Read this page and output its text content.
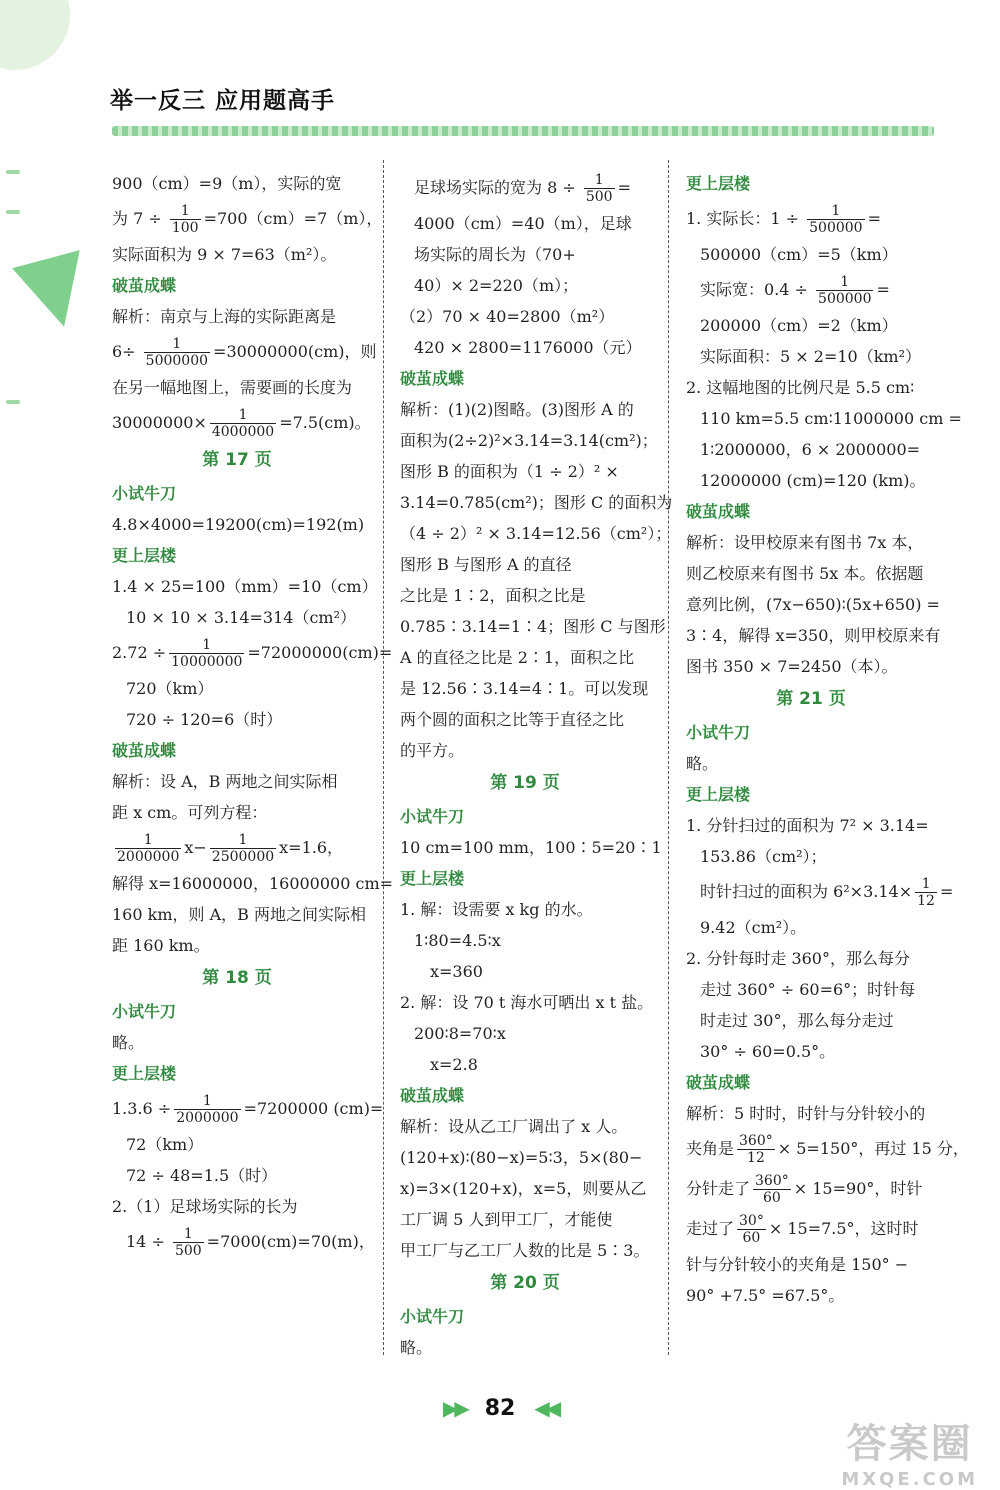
举一反三 应用题高手
900（cm）=9（m），实际的宽
为 $7 \div \frac{1}{100} =700(cm)=7(m)$，
实际面积为 9 × 7=63（m²）。
破茧成蝶
解析：南京与上海的实际距离是
$6\div \frac{1}{5000000} =30000000(cm)$，则
在另一幅地图上，需要画的长度为
$30000000\times \frac{1}{4000000} =7.5(cm)$。
第 17 页
小试牛刀
4.8×4000=19200(cm)=192(m)
更上层楼
1.4 × 25=100（mm）=10（cm）
10 × 10 × 3.14=314（cm²）
$2.72 \div \frac{1}{10000000} =72000000(cm)=$
720（km）
720 ÷ 120=6（时）
破茧成蝶
解析：设 A，B 两地之间实际相
距 x cm。可列方程：
$\frac{1}{2000000} x- \frac{1}{2500000} x=1.6$，
解得 x=16000000，16000000 cm=
160 km，则 A，B 两地之间实际相
距 160 km。
第 18 页
小试牛刀
略。
更上层楼
$1.3.6 \div \frac{1}{2000000} =7200000$ (cm)=
72（km）
72 ÷ 48=1.5（时）
2.（1）足球场实际的长为
$14 \div \frac{1}{500} =7000(cm)=70(m)$，
足球场实际的宽为 $8 \div \frac{1}{500}$ =
4000（cm）=40（m），足球
场实际的周长为（70+
40）× 2=220（m）；
（2）70 × 40=2800（m²）
420 × 2800=1176000（元）
破茧成蝶
解析：(1)(2)图略。(3)图形 A 的
面积为(2÷2)²×3.14=3.14(cm²)；
图形 B 的面积为（1 ÷ 2）² ×
3.14=0.785(cm²)；图形 C 的面积为
（4 ÷ 2）² × 3.14=12.56（cm²）；
图形 B 与图形 A 的直径
之比是 1∶2，面积之比是
0.785∶3.14=1∶4；图形 C 与图形
A 的直径之比是 2∶1，面积之比
是 12.56∶3.14=4∶1。可以发现
两个圆的面积之比等于直径之比
的平方。
第 19 页
小试牛刀
10 cm=100 mm，100∶5=20∶1
更上层楼
1. 解：设需要 x kg 的水。
1∶80=4.5∶x
x=360
2. 解：设 70 t 海水可晒出 x t 盐。
200∶8=70∶x
x=2.8
破茧成蝶
解析：设从乙工厂调出了 x 人。
(120+x)∶(80−x)=5∶3，5×(80−
x)=3×(120+x)，x=5，则要从乙
工厂调 5 人到甲工厂，才能使
甲工厂与乙工厂人数的比是 5∶3。
第 20 页
小试牛刀
略。
更上层楼
1. 实际长：$1 \div \frac{1}{500000}$ =
500000（cm）=5（km）
实际宽：$0.4 \div \frac{1}{500000}$ =
200000（cm）=2（km）
实际面积：5 × 2=10（km²）
2. 这幅地图的比例尺是 5.5 cm∶
110 km=5.5 cm∶11000000 cm =
1∶2000000，6 × 2000000=
12000000 (cm)=120 (km)。
破茧成蝶
解析：设甲校原来有图书 7x 本，
则乙校原来有图书 5x 本。依据题
意列比例，(7x−650)∶(5x+650) =
3∶4，解得 x=350，则甲校原来有
图书 350 × 7=2450（本）。
第 21 页
小试牛刀
略。
更上层楼
1. 分针扫过的面积为 7² × 3.14=
153.86（cm²）；
时针扫过的面积为 $6^2\times 3.14\times \frac{1}{12}$ =
9.42（cm²）。
2. 分针每时走 360°，那么每分
走过 360° ÷ 60=6°；时针每
时走过 30°，那么每分走过
30° ÷ 60=0.5°。
破茧成蝶
解析：5 时时，时针与分针较小的
夹角是 $\frac{360^\circ}{12} \times 5=150^\circ$，再过 15 分，
分针走了 $\frac{360^\circ}{60} \times 15=90^\circ$，时针
走过了 $\frac{30^\circ}{60} \times 15=7.5^\circ$，这时时
针与分针较小的夹角是 150° −
90° +7.5° =67.5°。
▶▶ 82 ◀◀
答案圈
MXQE.COM
